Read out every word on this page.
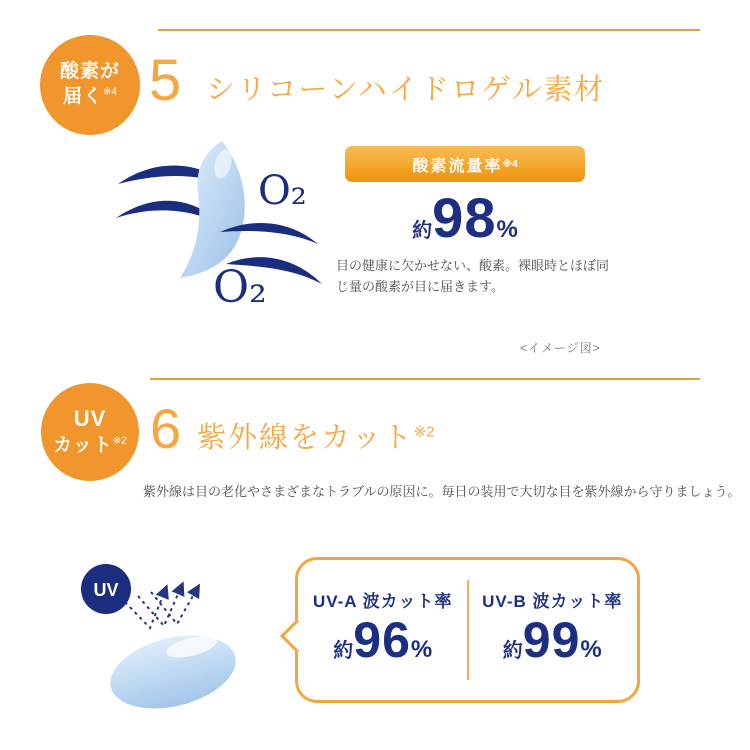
酸素が
届く$^{※4}$ 5 シリコーンハイドロゲル素材
O₂
O₂
酸素流量率 ※4
約 98 %
目の健康に欠かせない、酸素。裸眼時とほぼ同じ量の酸素が目に届きます。
<イメージ図>
UV
カット$^{※2}$ 6 紫外線をカット$^{※2}$
紫外線は目の老化やさまざまなトラブルの原因に。毎日の装用で大切な目を紫外線から守りましょう。
UV
UV-A 波カット率
約 96 %
UV-B 波カット率
約 99 %
